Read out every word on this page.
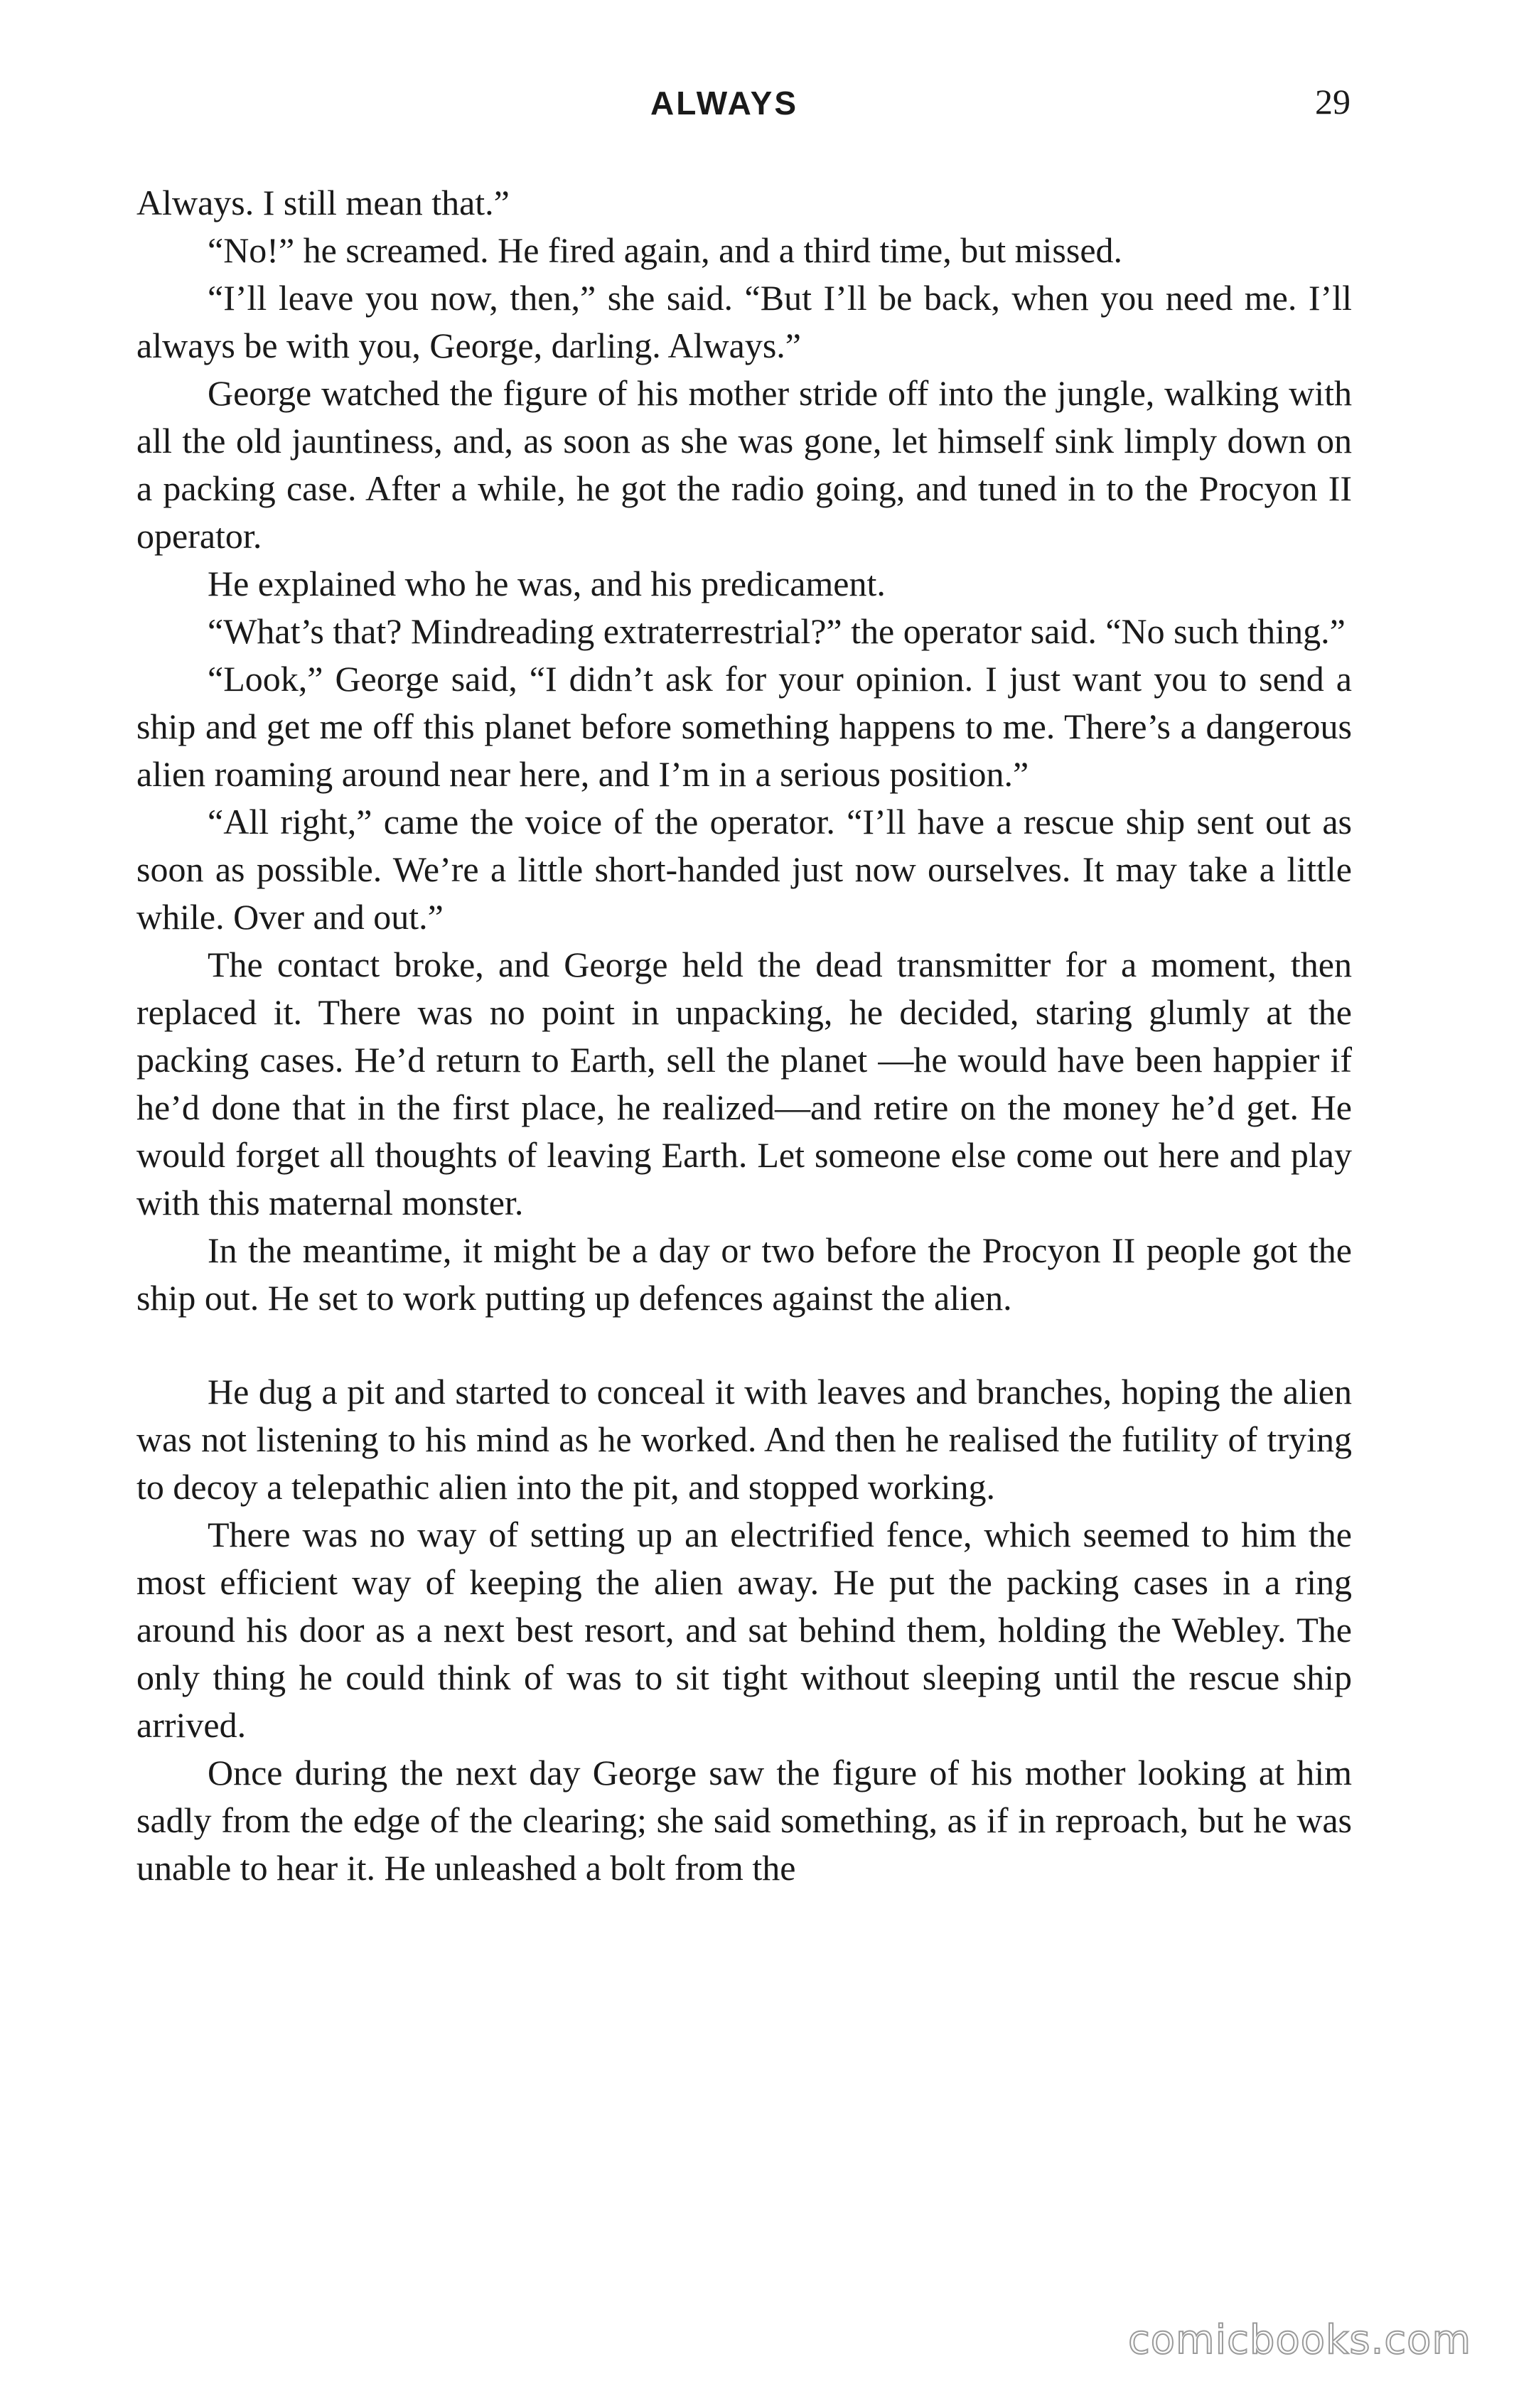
ALWAYS	29

Always. I still mean that.”

“No!” he screamed. He fired again, and a third time, but missed.

“I’ll leave you now, then,” she said. “But I’ll be back, when you need me. I’ll always be with you, George, darling. Always.”

George watched the figure of his mother stride off into the jungle, walking with all the old jauntiness, and, as soon as she was gone, let himself sink limply down on a packing case. After a while, he got the radio going, and tuned in to the Procyon II operator.

He explained who he was, and his predicament.

“What’s that? Mindreading extraterrestrial?” the operator said. “No such thing.”

“Look,” George said, “I didn’t ask for your opinion. I just want you to send a ship and get me off this planet before something happens to me. There’s a dangerous alien roaming around near here, and I’m in a serious position.”

“All right,” came the voice of the operator. “I’ll have a rescue ship sent out as soon as possible. We’re a little short-handed just now ourselves. It may take a little while. Over and out.”

The contact broke, and George held the dead transmitter for a moment, then replaced it. There was no point in unpacking, he decided, staring glumly at the packing cases. He’d return to Earth, sell the planet —he would have been happier if he’d done that in the first place, he realized—and retire on the money he’d get. He would forget all thoughts of leaving Earth. Let someone else come out here and play with this maternal monster.

In the meantime, it might be a day or two before the Procyon II people got the ship out. He set to work putting up defences against the alien.

He dug a pit and started to conceal it with leaves and branches, hoping the alien was not listening to his mind as he worked. And then he realised the futility of trying to decoy a telepathic alien into the pit, and stopped working.

There was no way of setting up an electrified fence, which seemed to him the most efficient way of keeping the alien away. He put the packing cases in a ring around his door as a next best resort, and sat behind them, holding the Webley. The only thing he could think of was to sit tight without sleeping until the rescue ship arrived.

Once during the next day George saw the figure of his mother looking at him sadly from the edge of the clearing; she said something, as if in reproach, but he was unable to hear it. He unleashed a bolt from the

comicbooks.com
